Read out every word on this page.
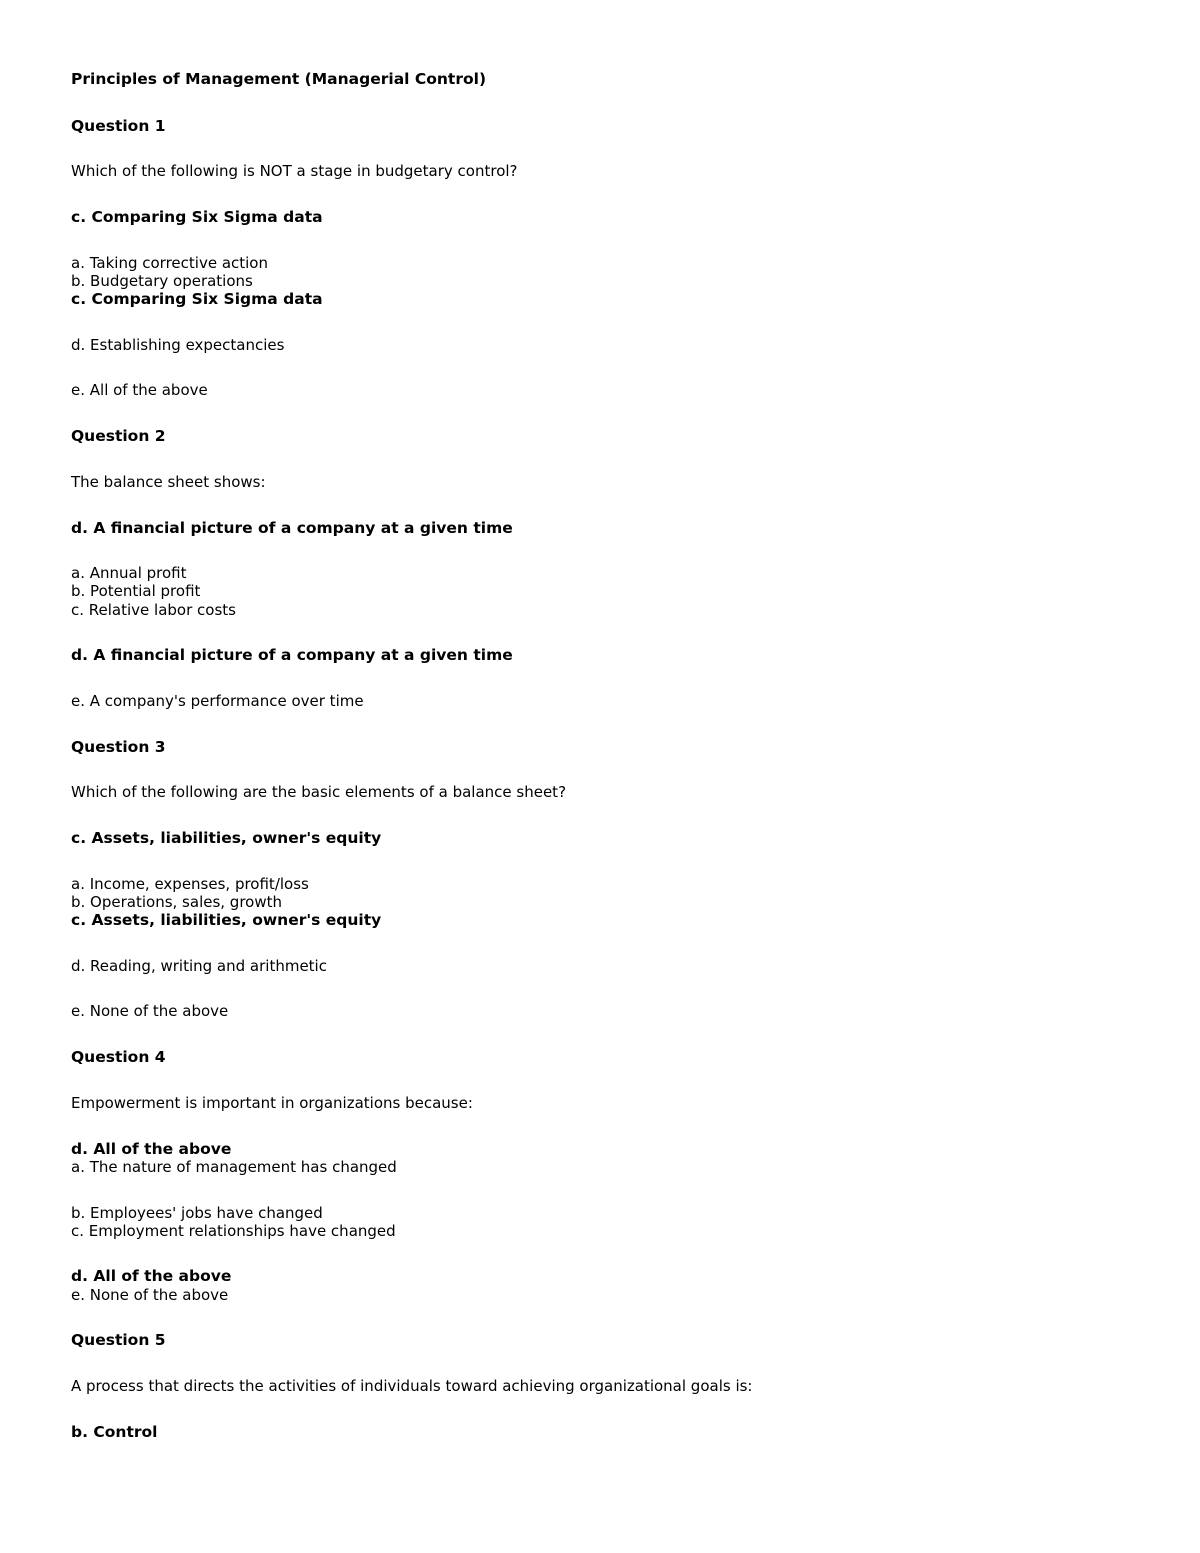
Principles of Management (Managerial Control)
Question 1
Which of the following is NOT a stage in budgetary control?
c. Comparing Six Sigma data
a. Taking corrective action
b. Budgetary operations
c. Comparing Six Sigma data
d. Establishing expectancies
e. All of the above
Question 2
The balance sheet shows:
d. A financial picture of a company at a given time
a. Annual profit
b. Potential profit
c. Relative labor costs
d. A financial picture of a company at a given time
e. A company's performance over time
Question 3
Which of the following are the basic elements of a balance sheet?
c. Assets, liabilities, owner's equity
a. Income, expenses, profit/loss
b. Operations, sales, growth
c. Assets, liabilities, owner's equity
d. Reading, writing and arithmetic
e. None of the above
Question 4
Empowerment is important in organizations because:
d. All of the above
a. The nature of management has changed
b. Employees' jobs have changed
c. Employment relationships have changed
d. All of the above
e. None of the above
Question 5
A process that directs the activities of individuals toward achieving organizational goals is:
b. Control
